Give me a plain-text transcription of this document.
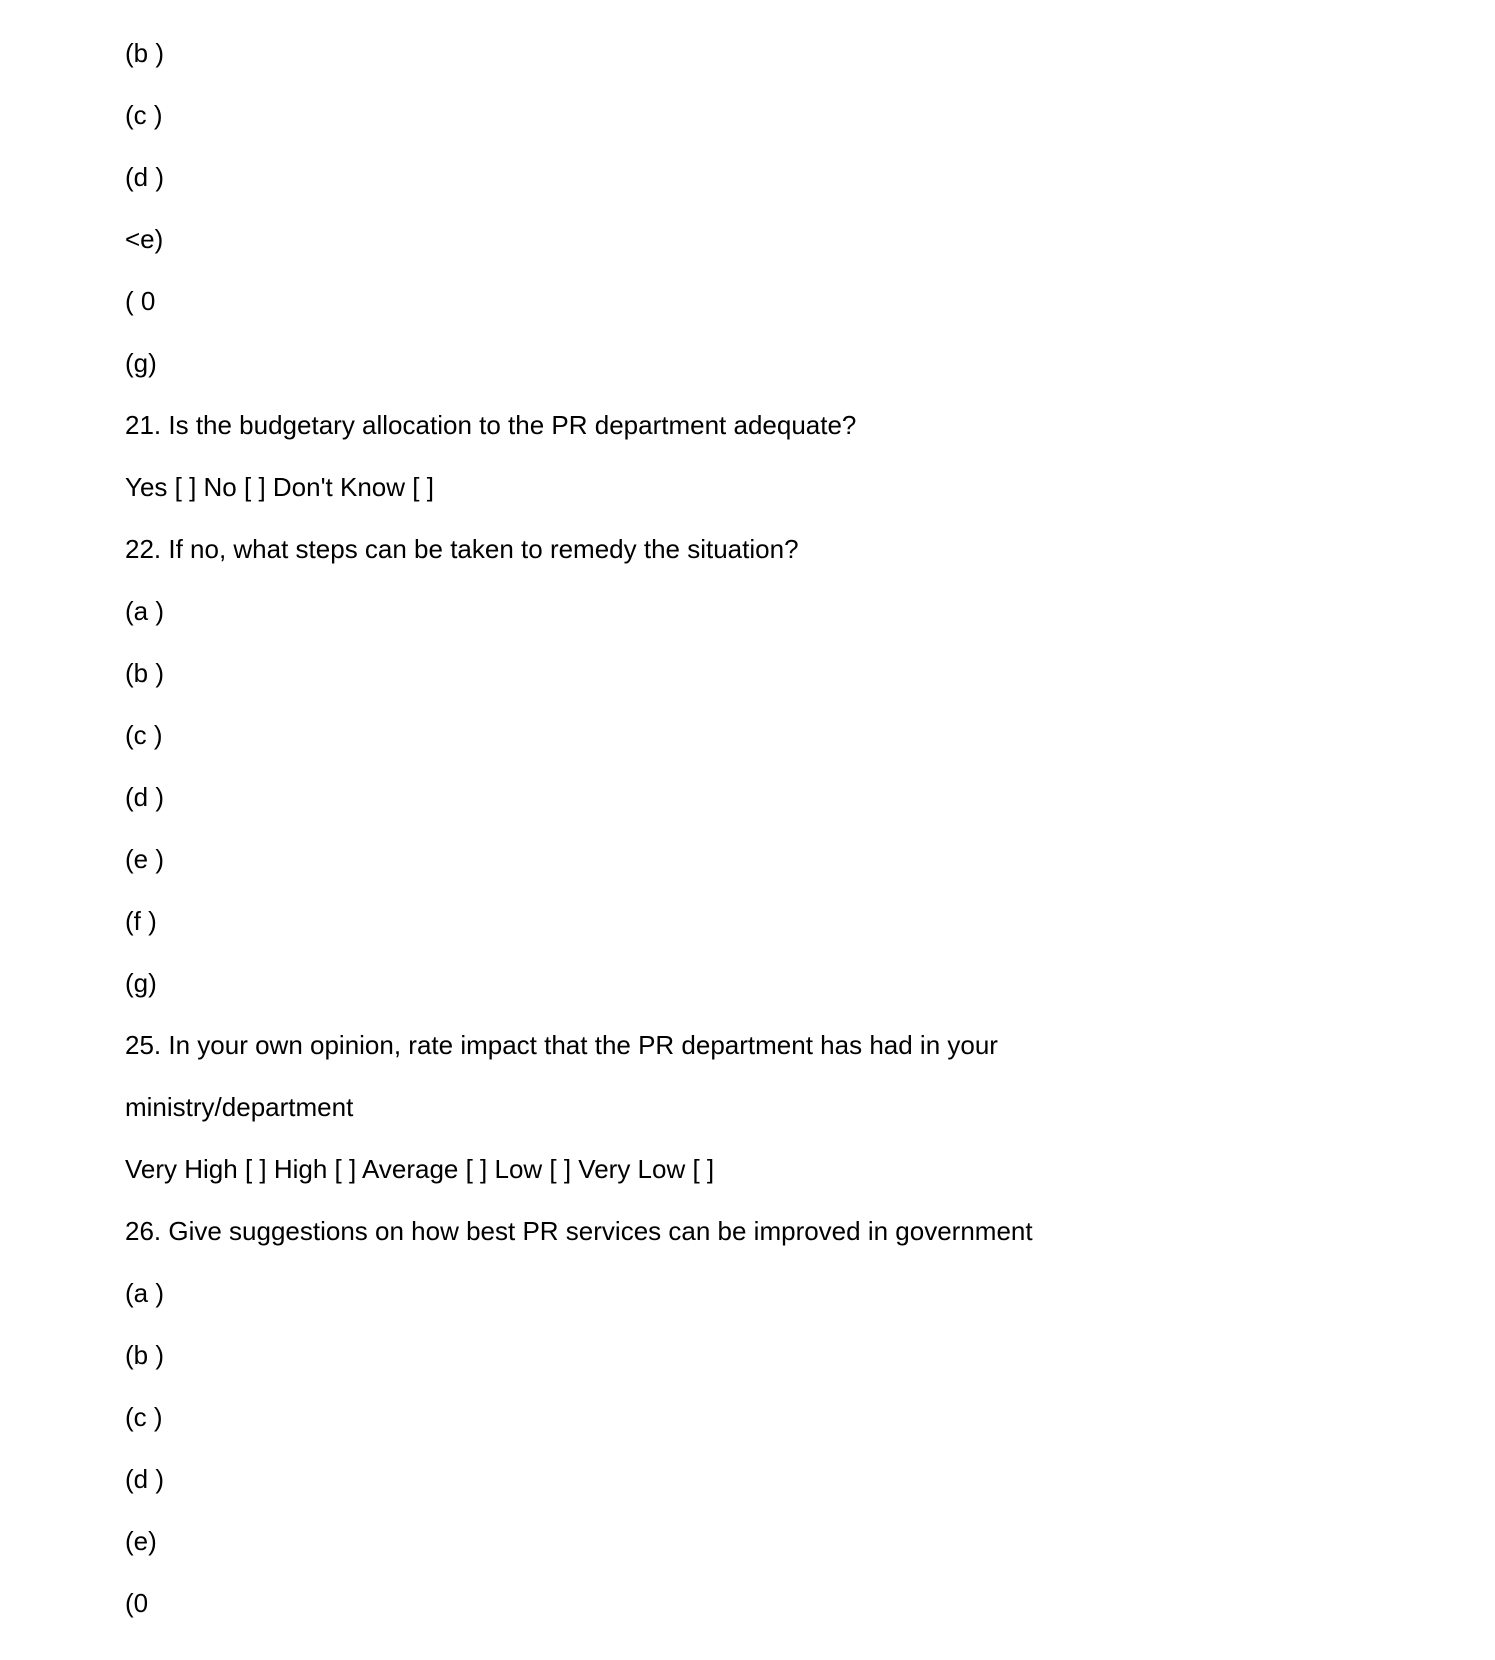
(b )
(c )
(d )
<e)
( 0
(g)
21. Is the budgetary allocation to the PR department adequate?
Yes [ ] No [ ] Don't Know [ ]
22. If no, what steps can be taken to remedy the situation?
(a )
(b )
(c )
(d )
(e )
(f )
(g)
25. In your own opinion, rate impact that the PR department has had in your
ministry/department
Very High [ ] High [ ] Average [ ] Low [ ] Very Low [ ]
26. Give suggestions on how best PR services can be improved in government
(a )
(b )
(c )
(d )
(e)
(0
